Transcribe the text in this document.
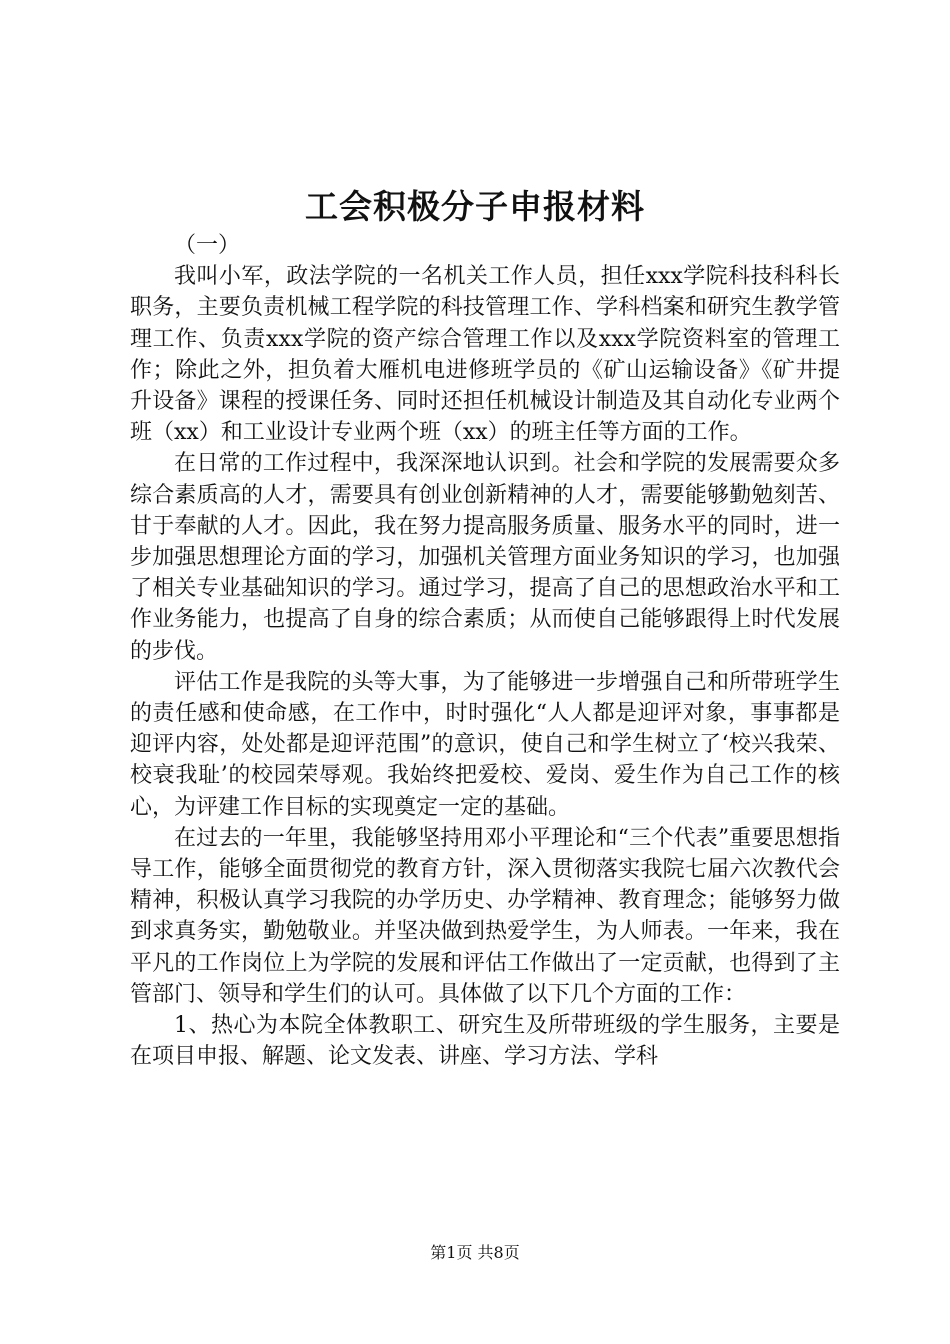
工会积极分子申报材料

（一）

我叫小军，政法学院的一名机关工作人员，担任xxx学院科技科科长职务，主要负责机械工程学院的科技管理工作、学科档案和研究生教学管理工作、负责xxx学院的资产综合管理工作以及xxx学院资料室的管理工作；除此之外，担负着大雁机电进修班学员的《矿山运输设备》《矿井提升设备》课程的授课任务、同时还担任机械设计制造及其自动化专业两个班（xx）和工业设计专业两个班（xx）的班主任等方面的工作。

在日常的工作过程中，我深深地认识到。社会和学院的发展需要众多综合素质高的人才，需要具有创业创新精神的人才，需要能够勤勉刻苦、甘于奉献的人才。因此，我在努力提高服务质量、服务水平的同时，进一步加强思想理论方面的学习，加强机关管理方面业务知识的学习，也加强了相关专业基础知识的学习。通过学习，提高了自己的思想政治水平和工作业务能力，也提高了自身的综合素质；从而使自己能够跟得上时代发展的步伐。

评估工作是我院的头等大事，为了能够进一步增强自己和所带班学生的责任感和使命感，在工作中，时时强化“人人都是迎评对象，事事都是迎评内容，处处都是迎评范围”的意识，使自己和学生树立了‘校兴我荣、校衰我耻’的校园荣辱观。我始终把爱校、爱岗、爱生作为自己工作的核心，为评建工作目标的实现奠定一定的基础。

在过去的一年里，我能够坚持用邓小平理论和“三个代表”重要思想指导工作，能够全面贯彻党的教育方针，深入贯彻落实我院七届六次教代会精神，积极认真学习我院的办学历史、办学精神、教育理念；能够努力做到求真务实，勤勉敬业。并坚决做到热爱学生，为人师表。一年来，我在平凡的工作岗位上为学院的发展和评估工作做出了一定贡献，也得到了主管部门、领导和学生们的认可。具体做了以下几个方面的工作：

1、热心为本院全体教职工、研究生及所带班级的学生服务，主要是在项目申报、解题、论文发表、讲座、学习方法、学科

第1页 共8页
